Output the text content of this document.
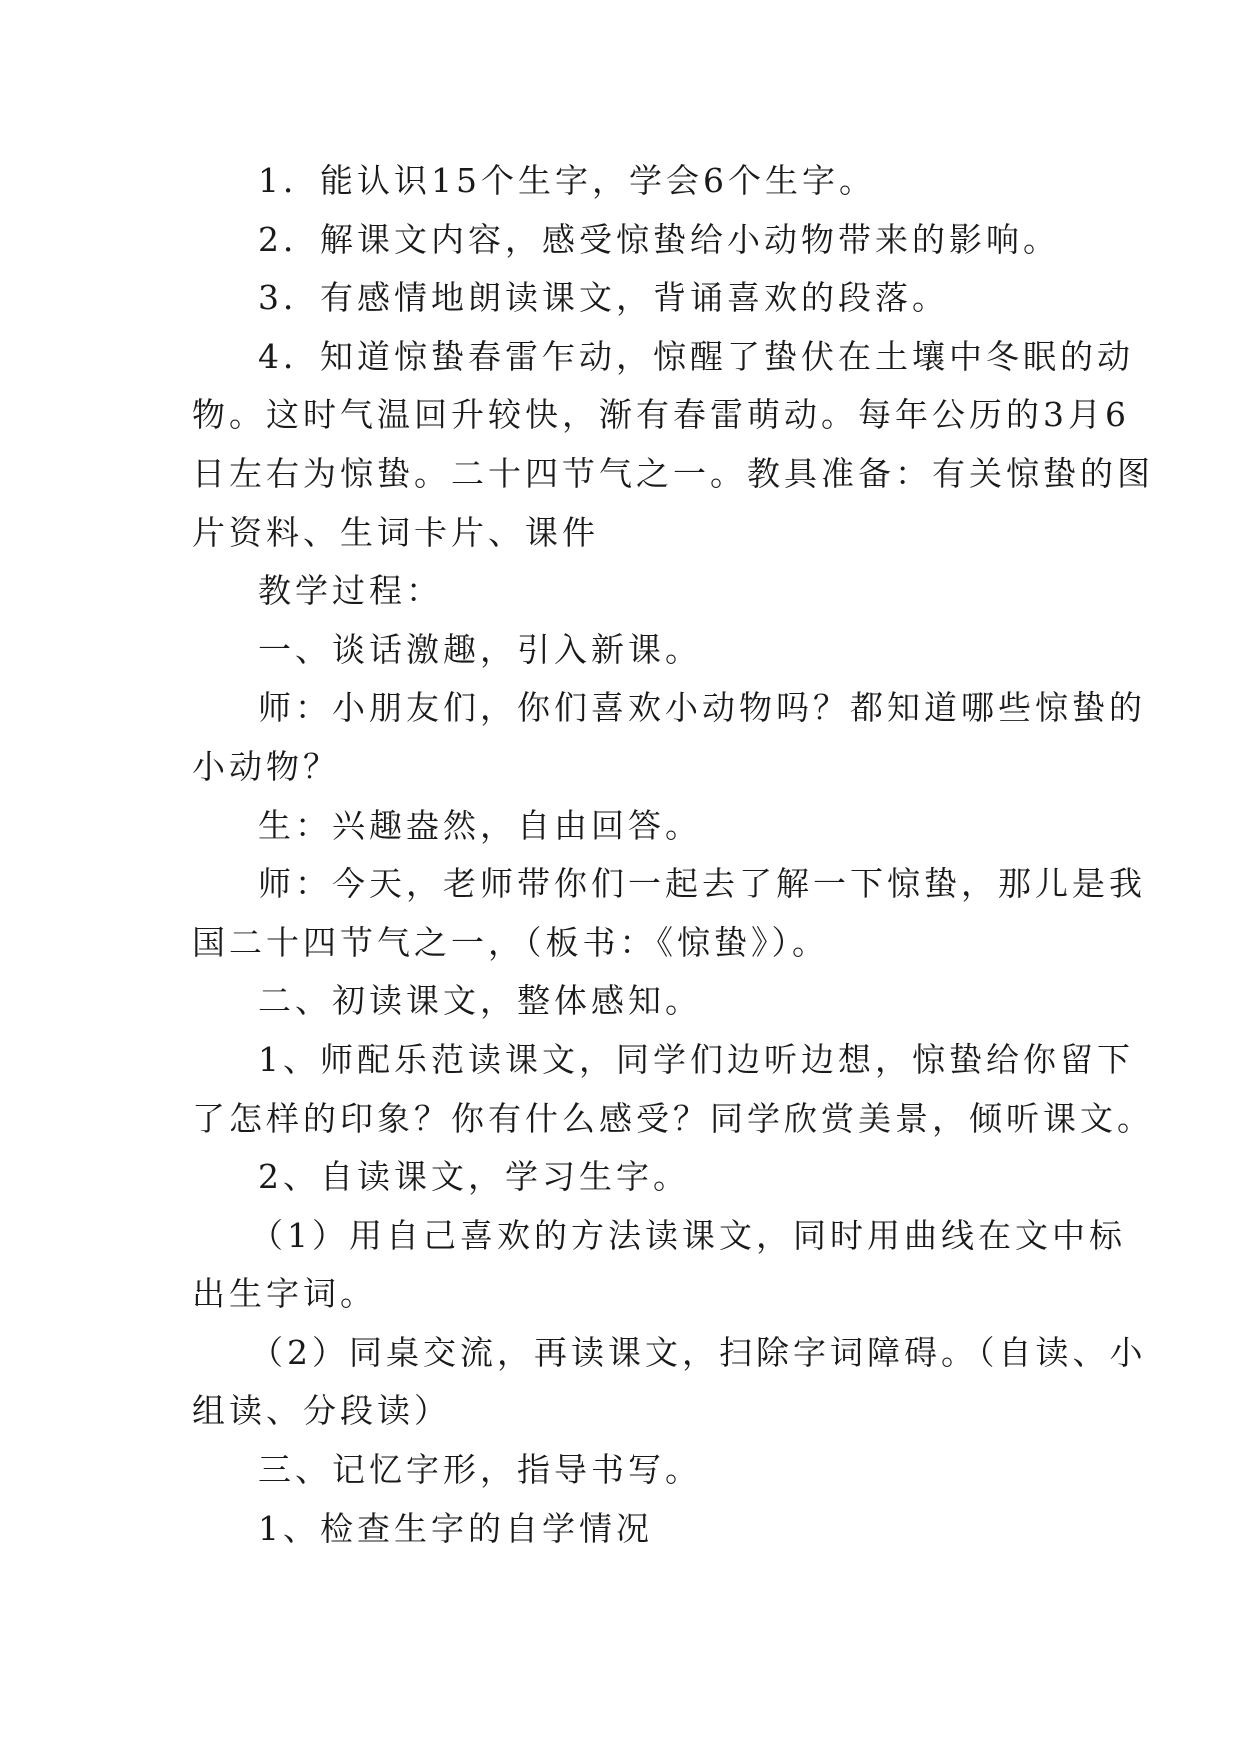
1．能认识15个生字，学会6个生字。

2．解课文内容，感受惊蛰给小动物带来的影响。

3．有感情地朗读课文，背诵喜欢的段落。

4．知道惊蛰春雷乍动，惊醒了蛰伏在土壤中冬眠的动

物。这时气温回升较快，渐有春雷萌动。每年公历的3月6

日左右为惊蛰。二十四节气之一。教具准备：有关惊蛰的图

片资料、生词卡片、课件

教学过程：

一、谈话激趣，引入新课。

师：小朋友们，你们喜欢小动物吗？都知道哪些惊蛰的

小动物？

生：兴趣盎然，自由回答。

师：今天，老师带你们一起去了解一下惊蛰，那儿是我

国二十四节气之一，（板书：《惊蛰》）。

二、初读课文，整体感知。

1、师配乐范读课文，同学们边听边想，惊蛰给你留下

了怎样的印象？你有什么感受？同学欣赏美景，倾听课文。

2、自读课文，学习生字。

（1）用自己喜欢的方法读课文，同时用曲线在文中标

出生字词。

（2）同桌交流，再读课文，扫除字词障碍。（自读、小

组读、分段读）

三、记忆字形，指导书写。

1、检查生字的自学情况
